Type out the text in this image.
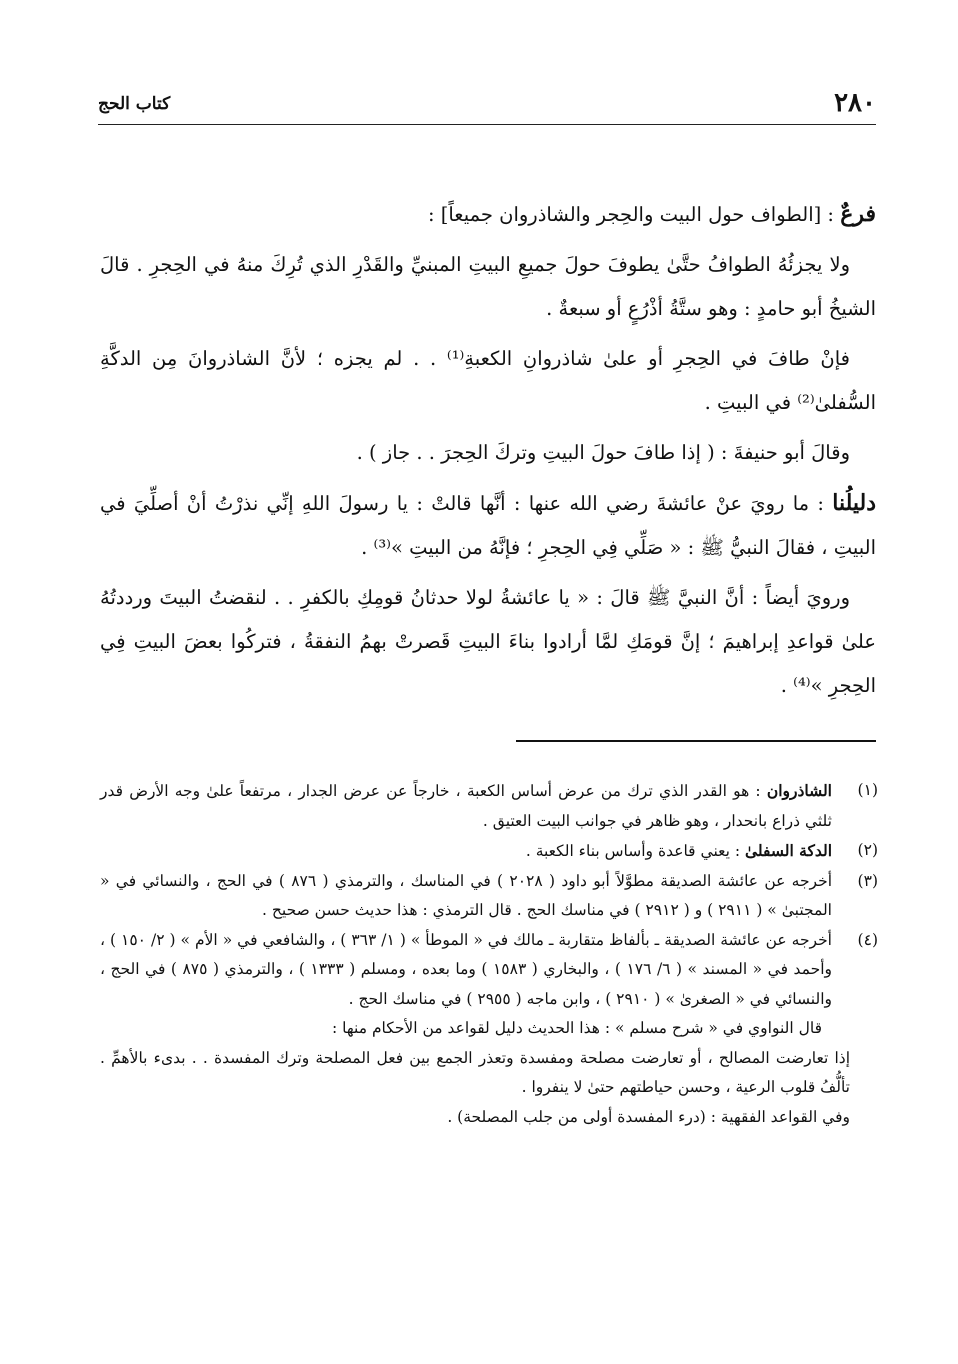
٢٨٠
كتاب الحج

فرعٌ : [الطواف حول البيت والحِجر والشاذروان جميعاً] :

ولا يجزئُهُ الطوافُ حتَّىٰ يطوفَ حولَ جميعِ البيتِ المبنيِّ والقَدْرِ الذي تُرِكَ منهُ في الحِجرِ . قالَ الشيخُ أبو حامدٍ : وهو ستَّةُ أذْرُعٍ أو سبعةٌ .

فإنْ طافَ في الحِجرِ أو علىٰ شاذروانِ الكعبةِ⁽¹⁾ . . لم يجزه ؛ لأنَّ الشاذروانَ مِن الدكَّةِ السُّفلىٰ⁽²⁾ في البيتِ .

وقالَ أبو حنيفةَ : ( إذا طافَ حولَ البيتِ وتركَ الحِجرَ . . جاز ) .

دليلُنا : ما رويَ عنْ عائشةَ رضي الله عنها : أنَّها قالتْ : يا رسولَ اللهِ إنِّي نذرْتُ أنْ أصلِّيَ في البيتِ ، فقالَ النبيُّ ﷺ : « صَلِّي فِي الحِجرِ ؛ فإنَّهُ من البيتِ »⁽³⁾ .

ورويَ أيضاً : أنَّ النبيَّ ﷺ قالَ : « يا عائشةُ لولا حدثانُ قومِكِ بالكفرِ . . لنقضتُ البيتَ ورددتُهُ علىٰ قواعدِ إبراهيمَ ؛ إنَّ قومَكِ لمَّا أرادوا بناءَ البيتِ قَصرتْ بهمُ النفقةُ ، فتركُوا بعضَ البيتِ فِي الحِجرِ »⁽⁴⁾ .

(١)
الشاذروان : هو القدر الذي ترك من عرض أساس الكعبة ، خارجاً عن عرض الجدار ، مرتفعاً علىٰ وجه الأرض قدر ثلثي ذراع بانحدار ، وهو ظاهر في جوانب البيت العتيق .
(٢)
الدكة السفلىٰ : يعني قاعدة وأساس بناء الكعبة .
(٣)
أخرجه عن عائشة الصديقة مطوَّلاً أبو داود ( ٢٠٢٨ ) في المناسك ، والترمذي ( ٨٧٦ ) في الحج ، والنسائي في « المجتبىٰ » ( ٢٩١١ ) و ( ٢٩١٢ ) في مناسك الحج . قال الترمذي : هذا حديث حسن صحيح .
(٤)
أخرجه عن عائشة الصديقة ـ بألفاظ متقاربة ـ مالك في « الموطأ » ( ١/ ٣٦٣ ) ، والشافعي في « الأم » ( ٢/ ١٥٠ ) ، وأحمد في « المسند » ( ٦/ ١٧٦ ) ، والبخاري ( ١٥٨٣ ) وما بعده ، ومسلم ( ١٣٣٣ ) ، والترمذي ( ٨٧٥ ) في الحج ، والنسائي في « الصغرىٰ » ( ٢٩١٠ ) ، وابن ماجه ( ٢٩٥٥ ) في مناسك الحج .

قال النواوي في « شرح مسلم » : هذا الحديث دليل لقواعد من الأحكام منها :

إذا تعارضت المصالح ، أو تعارضت مصلحة ومفسدة وتعذر الجمع بين فعل المصلحة وترك المفسدة . . بدىء بالأهمِّ . تألُّفُ قلوب الرعية ، وحسن حياطتهم حتىٰ لا ينفروا .

وفي القواعد الفقهية : (درء المفسدة أولى من جلب المصلحة) .
